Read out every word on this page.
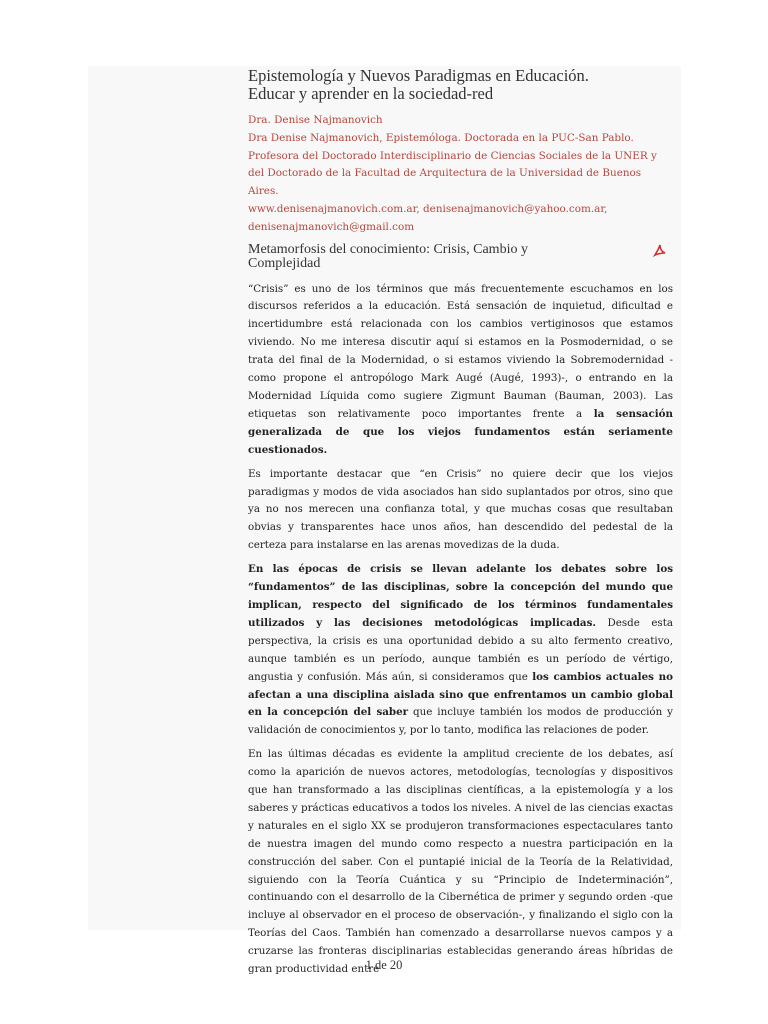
Epistemología y Nuevos Paradigmas en Educación.
Educar y aprender en la sociedad-red
Dra. Denise Najmanovich
Dra Denise Najmanovich, Epistemóloga. Doctorada en la PUC-San Pablo. Profesora del Doctorado Interdisciplinario de Ciencias Sociales de la UNER y del Doctorado de la Facultad de Arquitectura de la Universidad de Buenos Aires.
www.denisenajmanovich.com.ar, denisenajmanovich@yahoo.com.ar,
denisenajmanovich@gmail.com
Metamorfosis del conocimiento: Crisis, Cambio y Complejidad

“Crisis” es uno de los términos que más frecuentemente escuchamos en los discursos referidos a la educación. Está sensación de inquietud, dificultad e incertidumbre está relacionada con los cambios vertiginosos que estamos viviendo. No me interesa discutir aquí si estamos en la Posmodernidad, o se trata del final de la Modernidad, o si estamos viviendo la Sobremodernidad -como propone el antropólogo Mark Augé (Augé, 1993)-, o entrando en la Modernidad Líquida como sugiere Zigmunt Bauman (Bauman, 2003). Las etiquetas son relativamente poco importantes frente a la sensación generalizada de que los viejos fundamentos están seriamente cuestionados.

Es importante destacar que “en Crisis” no quiere decir que los viejos paradigmas y modos de vida asociados han sido suplantados por otros, sino que ya no nos merecen una confianza total, y que muchas cosas que resultaban obvias y transparentes hace unos años, han descendido del pedestal de la certeza para instalarse en las arenas movedizas de la duda.

En las épocas de crisis se llevan adelante los debates sobre los “fundamentos” de las disciplinas, sobre la concepción del mundo que implican, respecto del significado de los términos fundamentales utilizados y las decisiones metodológicas implicadas. Desde esta perspectiva, la crisis es una oportunidad debido a su alto fermento creativo, aunque también es un período, aunque también es un período de vértigo, angustia y confusión. Más aún, si consideramos que los cambios actuales no afectan a una disciplina aislada sino que enfrentamos un cambio global en la concepción del saber que incluye también los modos de producción y validación de conocimientos y, por lo tanto, modifica las relaciones de poder.

En las últimas décadas es evidente la amplitud creciente de los debates, así como la aparición de nuevos actores, metodologías, tecnologías y dispositivos que han transformado a las disciplinas científicas, a la epistemología y a los saberes y prácticas educativos a todos los niveles. A nivel de las ciencias exactas y naturales en el siglo XX se produjeron transformaciones espectaculares tanto de nuestra imagen del mundo como respecto a nuestra participación en la construcción del saber. Con el puntapié inicial de la Teoría de la Relatividad, siguiendo con la Teoría Cuántica y su “Principio de Indeterminación”, continuando con el desarrollo de la Cibernética de primer y segundo orden -que incluye al observador en el proceso de observación-, y finalizando el siglo con la Teorías del Caos. También han comenzado a desarrollarse nuevos campos y a cruzarse las fronteras disciplinarias establecidas generando áreas híbridas de gran productividad entre

1 de 20
